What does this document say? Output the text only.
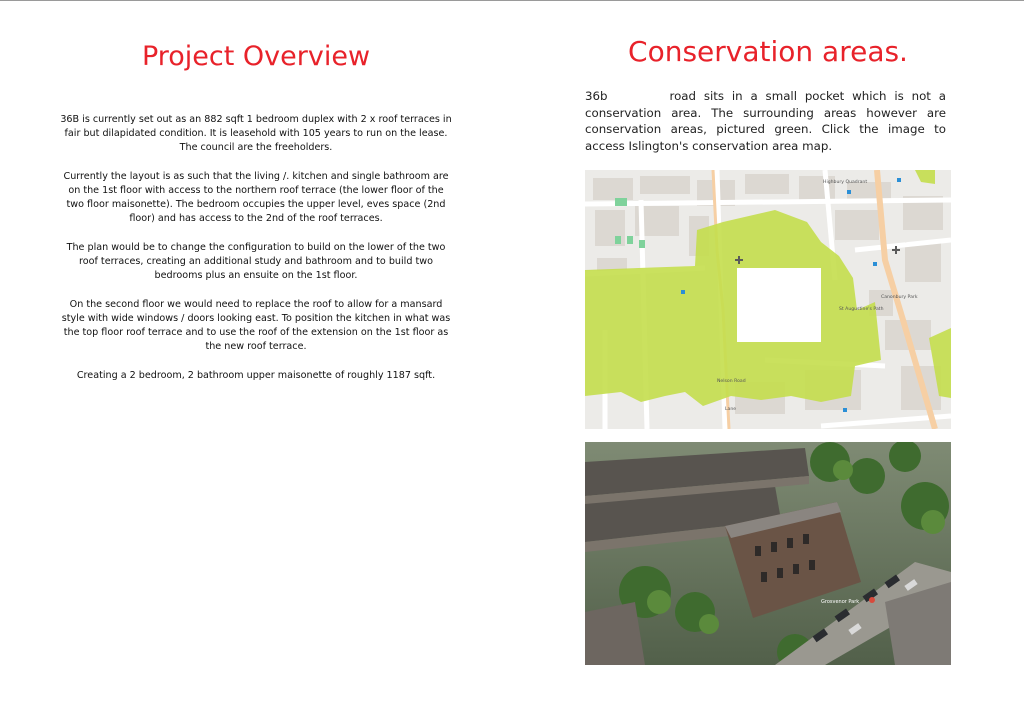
Project Overview

36B is currently set out as an 882 sqft 1 bedroom duplex with 2 x roof terraces in fair but dilapidated condition. It is leasehold with 105 years to run on the lease. The council are the freeholders.

Currently the layout is as such that the living /. kitchen and single bathroom are on the 1st floor with access to the northern roof terrace (the lower floor of the two floor maisonette). The bedroom occupies the upper level, eves space (2nd floor) and has access to the 2nd of the roof terraces.

The plan would be to change the configuration to build on the lower of the two roof terraces, creating an additional study and bathroom and to build two bedrooms plus an ensuite on the 1st floor.

On the second floor we would need to replace the roof to allow for a mansard style with wide windows / doors looking east. To position the kitchen in what was the top floor roof terrace and to use the roof of the extension on the 1st floor as the new roof terrace.

Creating a 2 bedroom, 2 bathroom upper maisonette of roughly 1187 sqft.

Conservation areas.

36b	road sits in a small pocket which is not a conservation area. The surrounding areas however are conservation areas, pictured green. Click the image to access Islington's conservation area map.

Highbury Quadrant
Canonbury Park
St Augustine's Path
Nelson Road
Lane
Grosvenor Park
